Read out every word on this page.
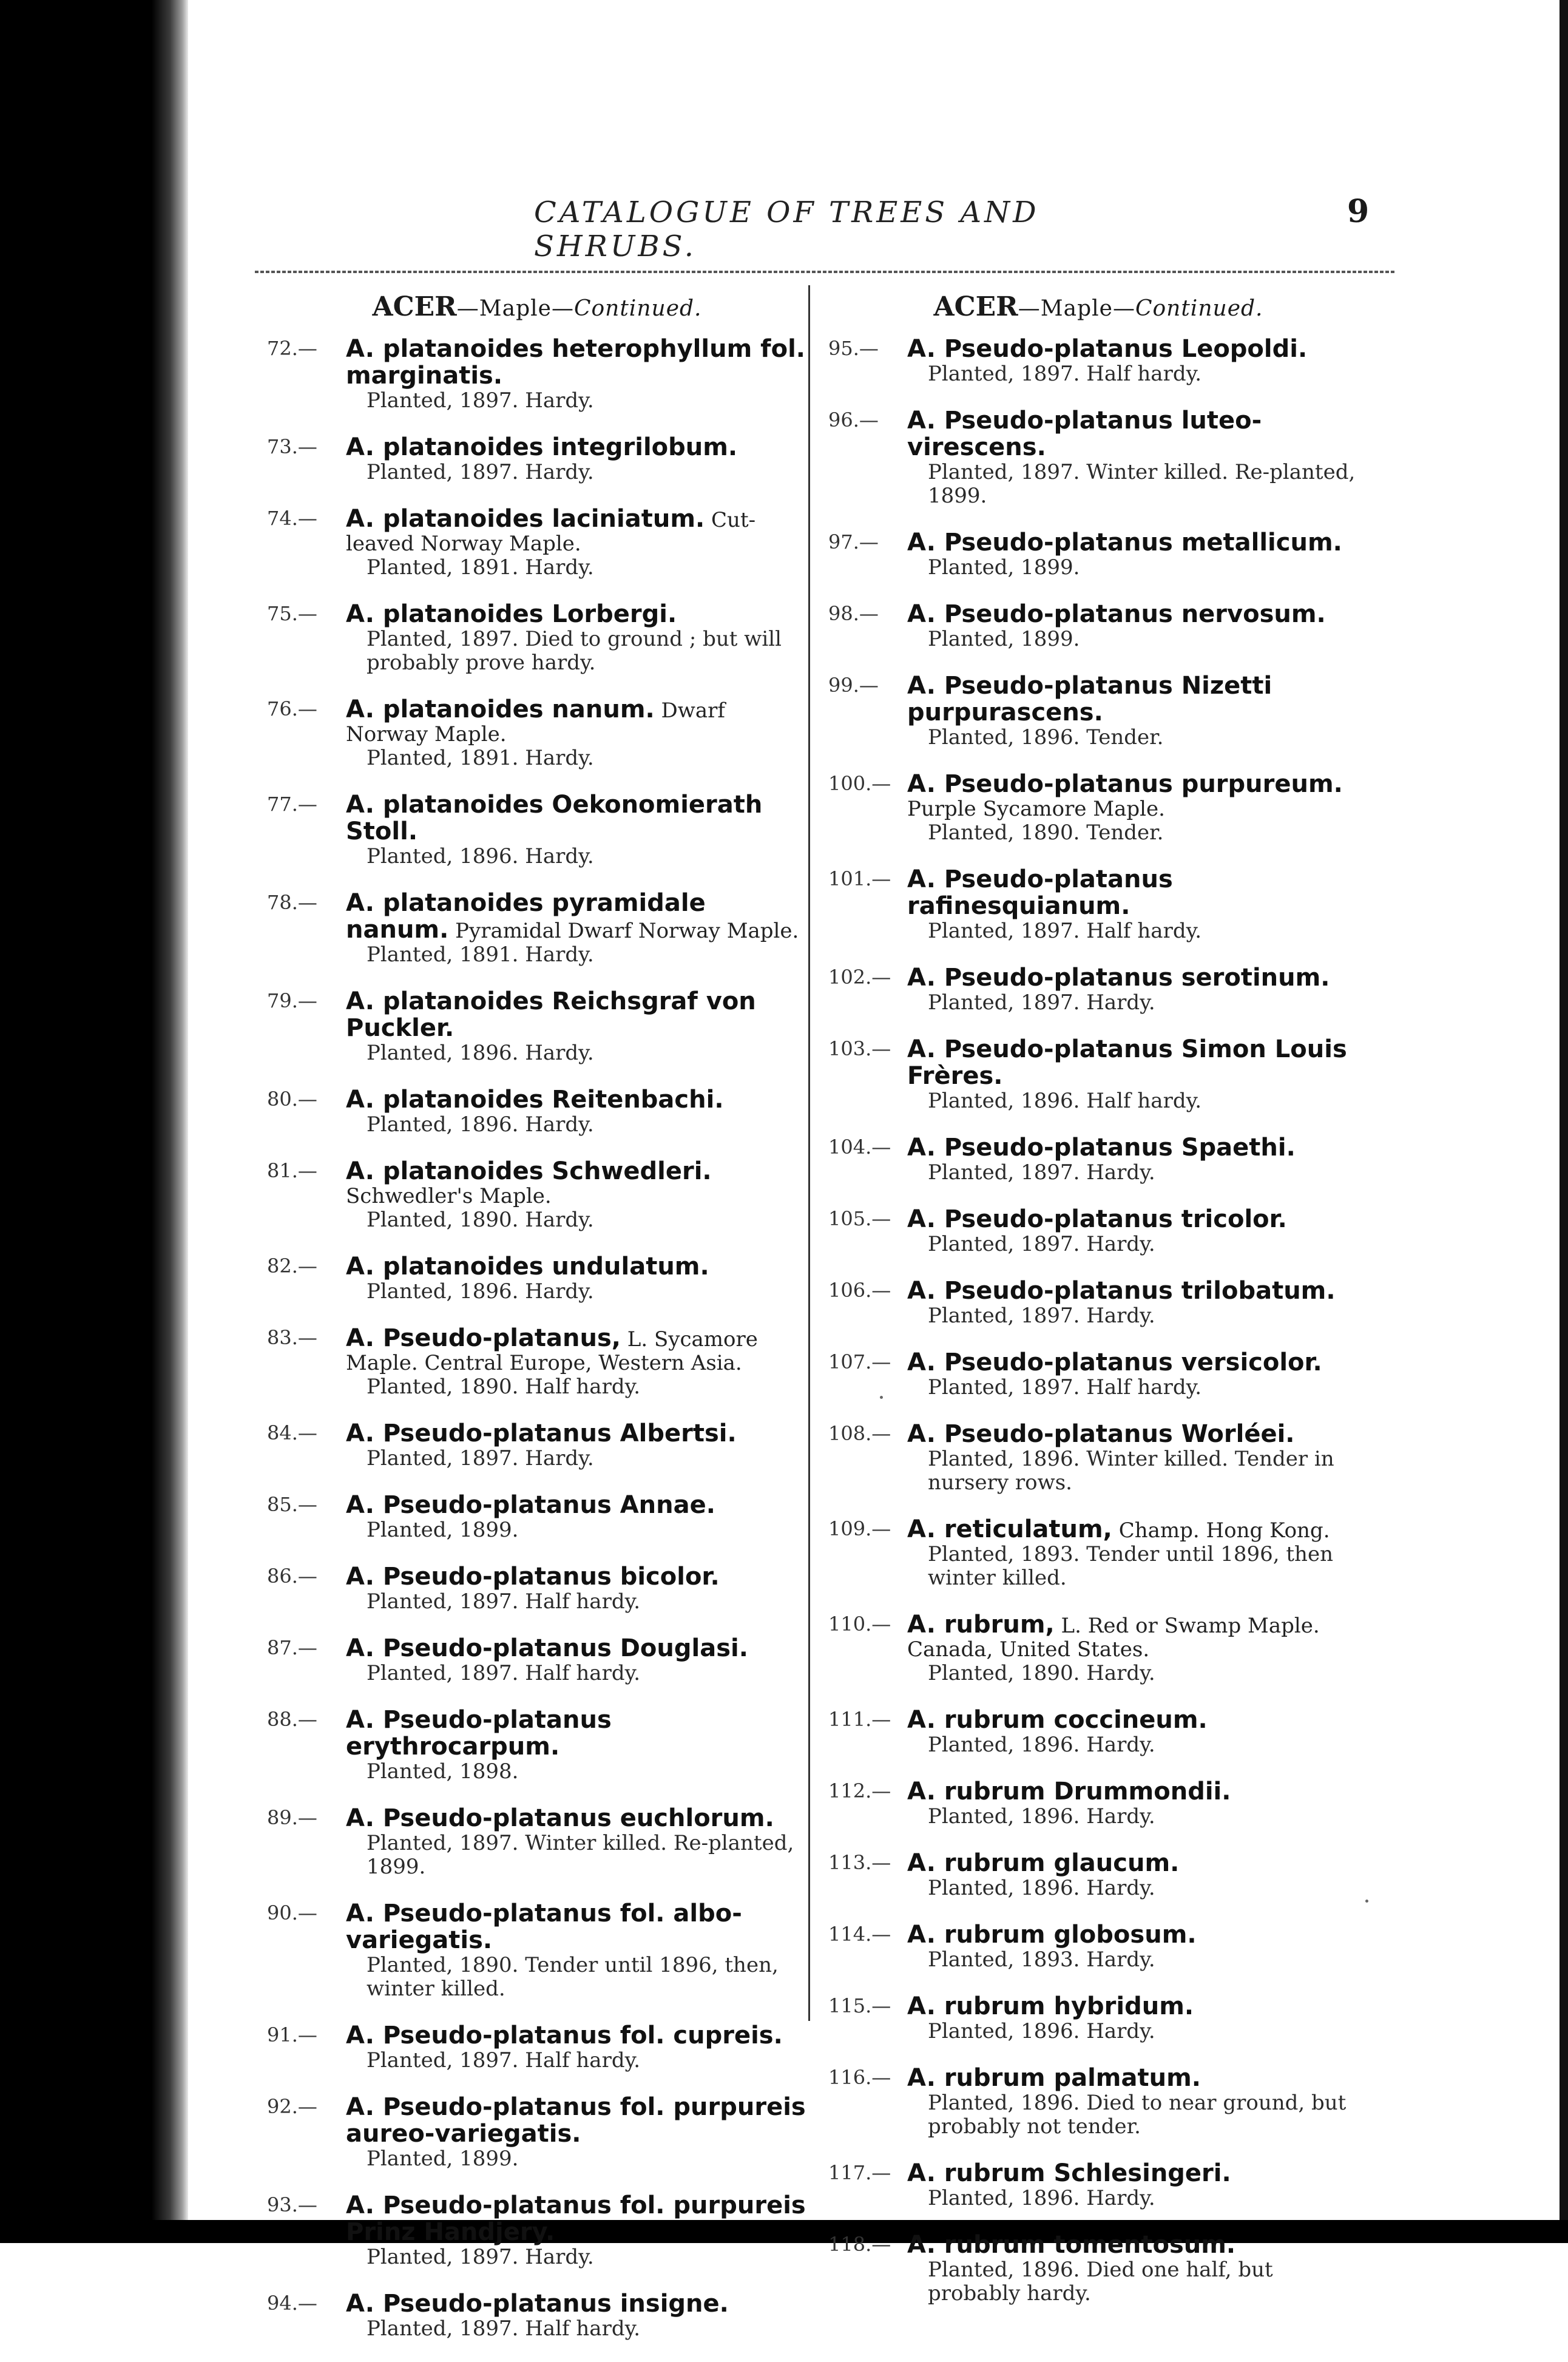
CATALOGUE OF TREES AND SHRUBS.
9
ACER—Maple—Continued.
72.—	A. platanoides heterophyllum fol. marginatis.
Planted, 1897. Hardy.
73.—	A. platanoides integrilobum.
Planted, 1897. Hardy.
74.—	A. platanoides laciniatum. Cut-leaved Norway Maple.
Planted, 1891. Hardy.
75.—	A. platanoides Lorbergi.
Planted, 1897. Died to ground ; but will probably prove hardy.
76.—	A. platanoides nanum. Dwarf Norway Maple.
Planted, 1891. Hardy.
77.—	A. platanoides Oekonomierath Stoll.
Planted, 1896. Hardy.
78.—	A. platanoides pyramidale nanum. Pyramidal Dwarf Norway Maple.
Planted, 1891. Hardy.
79.—	A. platanoides Reichsgraf von Puckler.
Planted, 1896. Hardy.
80.—	A. platanoides Reitenbachi.
Planted, 1896. Hardy.
81.—	A. platanoides Schwedleri. Schwedler's Maple.
Planted, 1890. Hardy.
82.—	A. platanoides undulatum.
Planted, 1896. Hardy.
83.—	A. Pseudo-platanus, L. Sycamore Maple. Central Europe, Western Asia.
Planted, 1890. Half hardy.
84.—	A. Pseudo-platanus Albertsi.
Planted, 1897. Hardy.
85.—	A. Pseudo-platanus Annae.
Planted, 1899.
86.—	A. Pseudo-platanus bicolor.
Planted, 1897. Half hardy.
87.—	A. Pseudo-platanus Douglasi.
Planted, 1897. Half hardy.
88.—	A. Pseudo-platanus erythrocarpum.
Planted, 1898.
89.—	A. Pseudo-platanus euchlorum.
Planted, 1897. Winter killed. Re-planted, 1899.
90.—	A. Pseudo-platanus fol. albo-variegatis.
Planted, 1890. Tender until 1896, then, winter killed.
91.—	A. Pseudo-platanus fol. cupreis.
Planted, 1897. Half hardy.
92.—	A. Pseudo-platanus fol. purpureis aureo-variegatis.
Planted, 1899.
93.—	A. Pseudo-platanus fol. purpureis Prinz Handjery.
Planted, 1897. Hardy.
94.—	A. Pseudo-platanus insigne.
Planted, 1897. Half hardy.
ACER—Maple—Continued.
95.—	A. Pseudo-platanus Leopoldi.
Planted, 1897. Half hardy.
96.—	A. Pseudo-platanus luteo-virescens.
Planted, 1897. Winter killed. Re-planted, 1899.
97.—	A. Pseudo-platanus metallicum.
Planted, 1899.
98.—	A. Pseudo-platanus nervosum.
Planted, 1899.
99.—	A. Pseudo-platanus Nizetti purpurascens.
Planted, 1896. Tender.
100.— A. Pseudo-platanus purpureum. Purple Sycamore Maple.
Planted, 1890. Tender.
101.— A. Pseudo-platanus rafinesquianum.
Planted, 1897. Half hardy.
102.— A. Pseudo-platanus serotinum.
Planted, 1897. Hardy.
103.— A. Pseudo-platanus Simon Louis Frères.
Planted, 1896. Half hardy.
104.— A. Pseudo-platanus Spaethi.
Planted, 1897. Hardy.
105.— A. Pseudo-platanus tricolor.
Planted, 1897. Hardy.
106.— A. Pseudo-platanus trilobatum.
Planted, 1897. Hardy.
107.— A. Pseudo-platanus versicolor.
Planted, 1897. Half hardy.
108.— A. Pseudo-platanus Worléei.
Planted, 1896. Winter killed. Tender in nursery rows.
109.— A. reticulatum, Champ. Hong Kong.
Planted, 1893. Tender until 1896, then winter killed.
110.— A. rubrum, L. Red or Swamp Maple. Canada, United States.
Planted, 1890. Hardy.
111.— A. rubrum coccineum.
Planted, 1896. Hardy.
112.— A. rubrum Drummondii.
Planted, 1896. Hardy.
113.— A. rubrum glaucum.
Planted, 1896. Hardy.
114.— A. rubrum globosum.
Planted, 1893. Hardy.
115.— A. rubrum hybridum.
Planted, 1896. Hardy.
116.— A. rubrum palmatum.
Planted, 1896. Died to near ground, but probably not tender.
117.— A. rubrum Schlesingeri.
Planted, 1896. Hardy.
118.— A. rubrum tomentosum.
Planted, 1896. Died one half, but probably hardy.
